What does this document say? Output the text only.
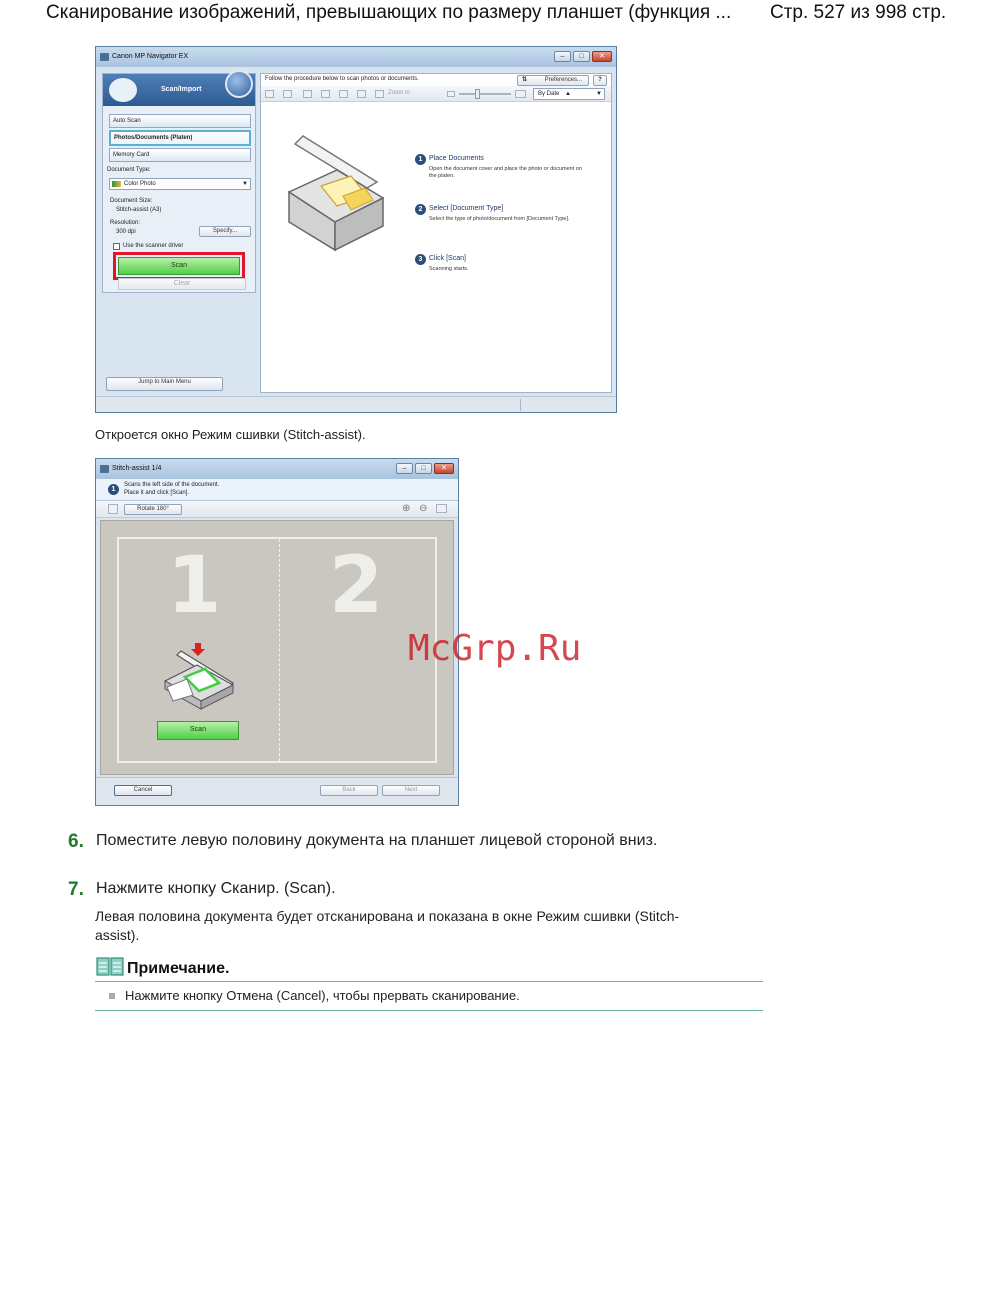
Сканирование изображений, превышающих по размеру планшет (функция ... Стр. 527 из 998 стр.
Canon MP Navigator EX	–	□	✕
Scan/Import
Auto Scan
Photos/Documents (Platen)
Memory Card
Document Type:
Color Photo	▼
Document Size:
Stitch-assist (A3)
Resolution:
300 dpi	Specify...
Use the scanner driver
Scan
Clear
Jump to Main Menu
Follow the procedure below to scan photos or documents.	⇅	Preferences...	?
Zoom in	By Date ▲	▼
1 Place Documents
Open the document cover and place the photo or document on the platen.
2 Select [Document Type]
Select the type of photo/document from [Document Type].
3 Click [Scan]
Scanning starts.
Откроется окно Режим сшивки (Stitch-assist).
Stitch-assist 1/4	–	□	✕
1
Scans the left side of the document.
Place it and click [Scan].
Rotate 180°	⊕ ⊖
1 2
Scan
Cancel	Back	Next
McGrp.Ru
6. Поместите левую половину документа на планшет лицевой стороной вниз.
7. Нажмите кнопку Сканир. (Scan).
Левая половина документа будет отсканирована и показана в окне Режим сшивки (Stitch-
assist).
Примечание.
Нажмите кнопку Отмена (Cancel), чтобы прервать сканирование.
